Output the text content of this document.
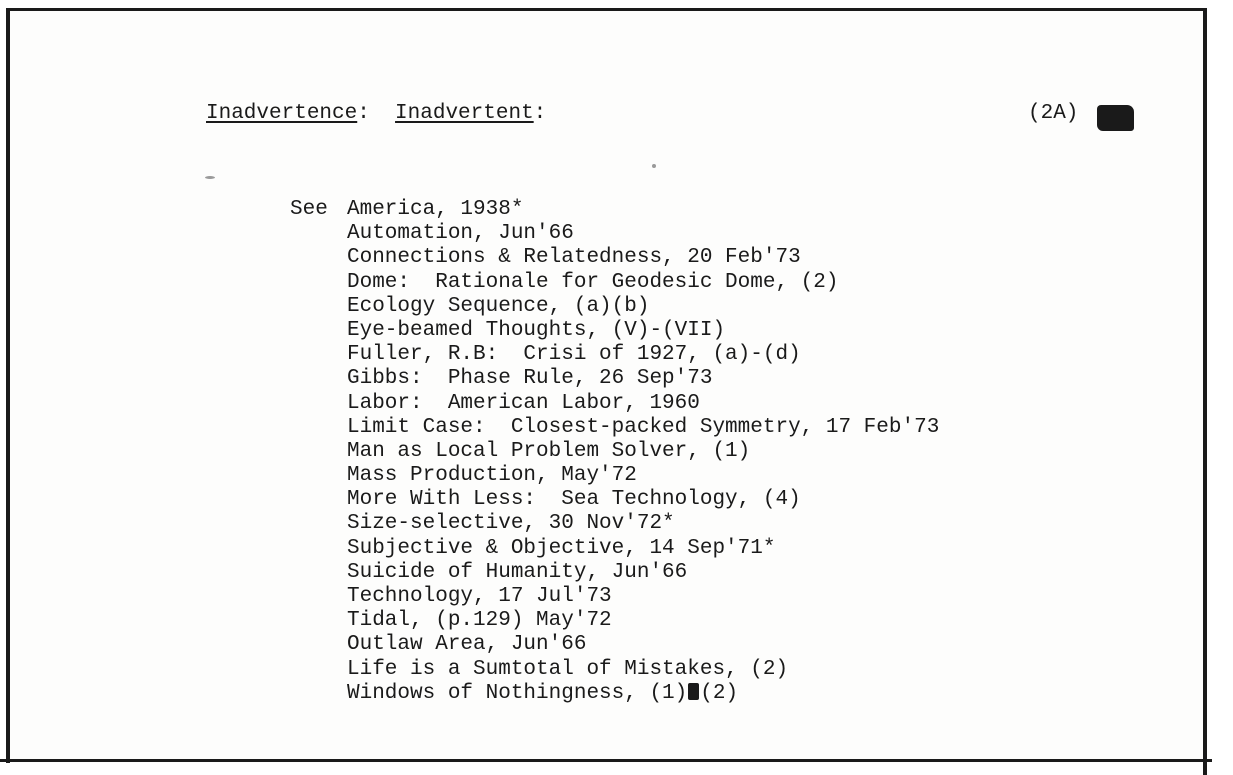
Inadvertence:  Inadvertent:	(2A)
See America, 1938*
Automation, Jun'66
Connections & Relatedness, 20 Feb'73
Dome:  Rationale for Geodesic Dome, (2)
Ecology Sequence, (a)(b)
Eye-beamed Thoughts, (V)-(VII)
Fuller, R.B:  Crisi of 1927, (a)-(d)
Gibbs:  Phase Rule, 26 Sep'73
Labor:  American Labor, 1960
Limit Case:  Closest-packed Symmetry, 17 Feb'73
Man as Local Problem Solver, (1)
Mass Production, May'72
More With Less:  Sea Technology, (4)
Size-selective, 30 Nov'72*
Subjective & Objective, 14 Sep'71*
Suicide of Humanity, Jun'66
Technology, 17 Jul'73
Tidal, (p.129) May'72
Outlaw Area, Jun'66
Life is a Sumtotal of Mistakes, (2)
Windows of Nothingness, (1) (2)
